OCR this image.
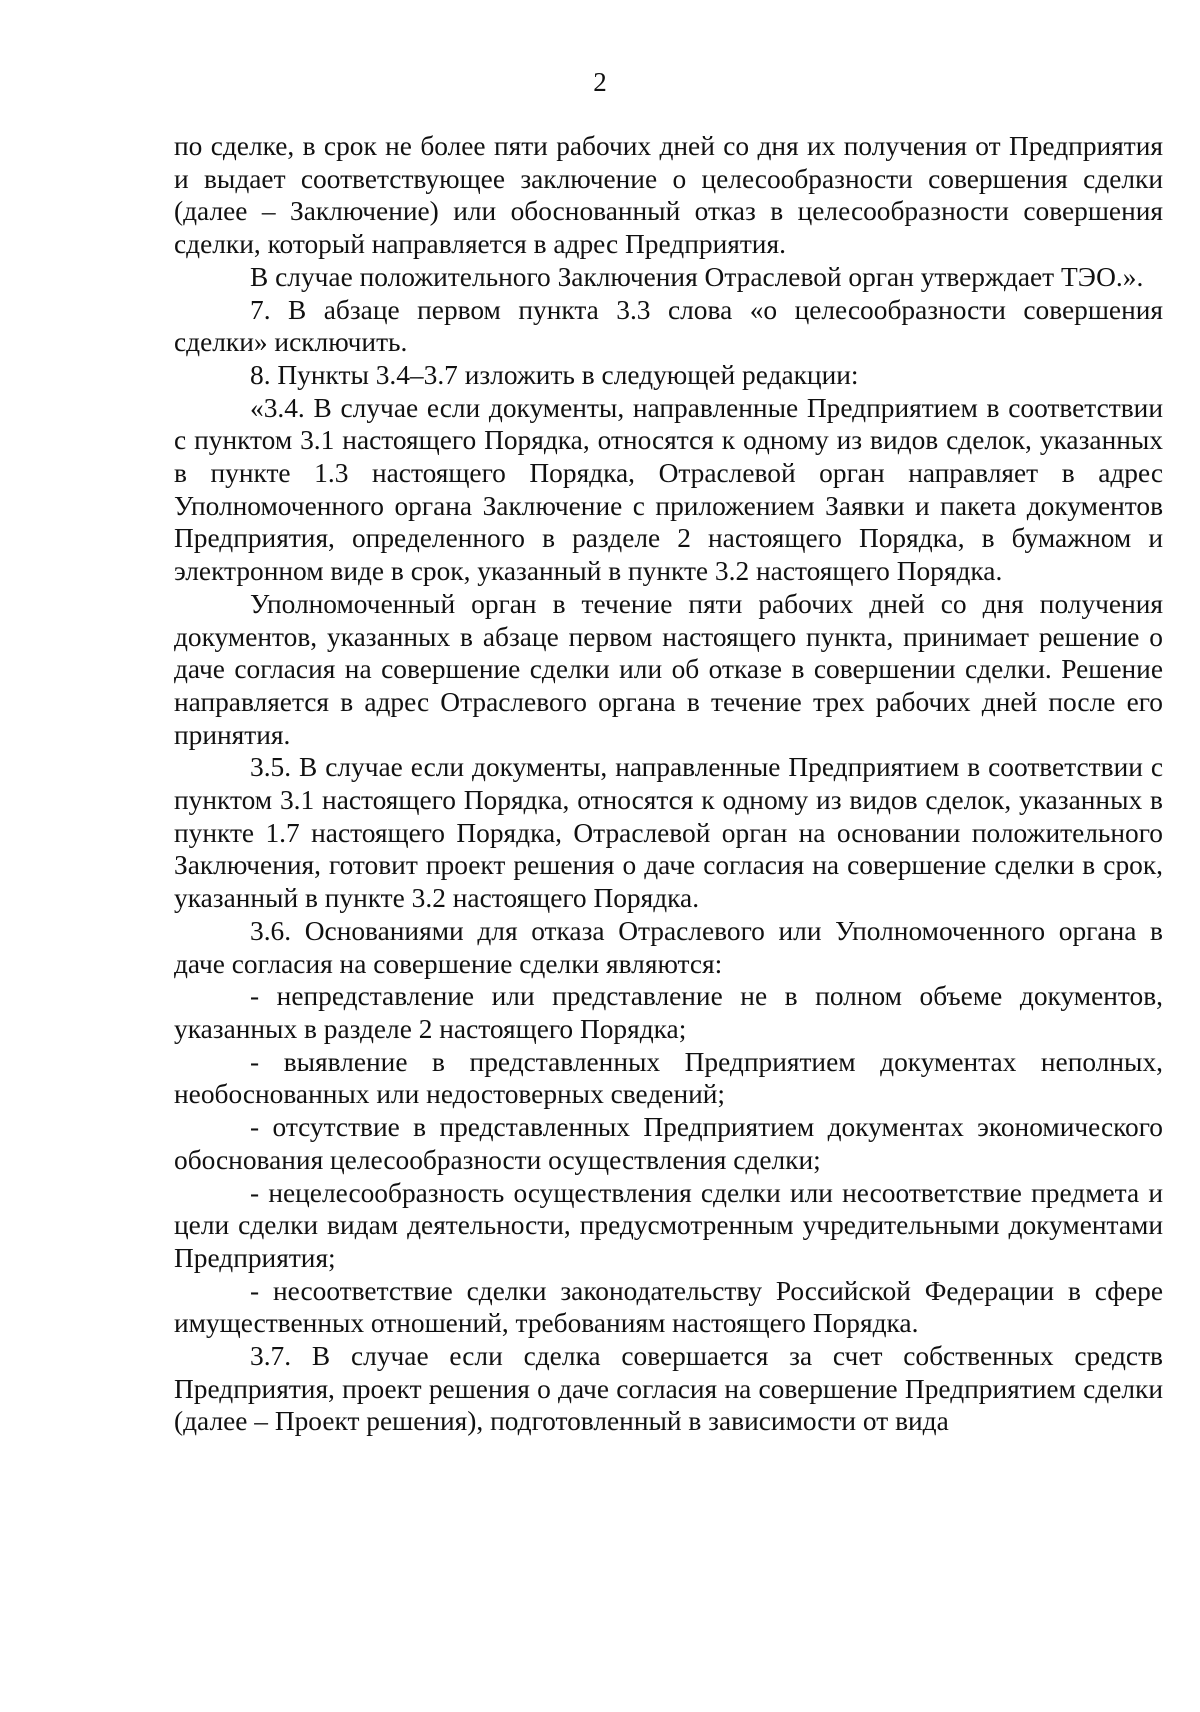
2

по сделке, в срок не более пяти рабочих дней со дня их получения от Предприятия и выдает соответствующее заключение о целесообразности совершения сделки (далее – Заключение) или обоснованный отказ в целесообразности совершения сделки, который направляется в адрес Предприятия.

В случае положительного Заключения Отраслевой орган утверждает ТЭО.».

7. В абзаце первом пункта 3.3 слова «о целесообразности совершения сделки» исключить.

8. Пункты 3.4–3.7 изложить в следующей редакции:

«3.4. В случае если документы, направленные Предприятием в соответствии с пунктом 3.1 настоящего Порядка, относятся к одному из видов сделок, указанных в пункте 1.3 настоящего Порядка, Отраслевой орган направляет в адрес Уполномоченного органа Заключение с приложением Заявки и пакета документов Предприятия, определенного в разделе 2 настоящего Порядка, в бумажном и электронном виде в срок, указанный в пункте 3.2 настоящего Порядка.

Уполномоченный орган в течение пяти рабочих дней со дня получения документов, указанных в абзаце первом настоящего пункта, принимает решение о даче согласия на совершение сделки или об отказе в совершении сделки. Решение направляется в адрес Отраслевого органа в течение трех рабочих дней после его принятия.

3.5. В случае если документы, направленные Предприятием в соответствии с пунктом 3.1 настоящего Порядка, относятся к одному из видов сделок, указанных в пункте 1.7 настоящего Порядка, Отраслевой орган на основании положительного Заключения, готовит проект решения о даче согласия на совершение сделки в срок, указанный в пункте 3.2 настоящего Порядка.

3.6. Основаниями для отказа Отраслевого или Уполномоченного органа в даче согласия на совершение сделки являются:

- непредставление или представление не в полном объеме документов, указанных в разделе 2 настоящего Порядка;

- выявление в представленных Предприятием документах неполных, необоснованных или недостоверных сведений;

- отсутствие в представленных Предприятием документах экономического обоснования целесообразности осуществления сделки;

- нецелесообразность осуществления сделки или несоответствие предмета и цели сделки видам деятельности, предусмотренным учредительными документами Предприятия;

- несоответствие сделки законодательству Российской Федерации в сфере имущественных отношений, требованиям настоящего Порядка.

3.7. В случае если сделка совершается за счет собственных средств Предприятия, проект решения о даче согласия на совершение Предприятием сделки (далее – Проект решения), подготовленный в зависимости от вида
